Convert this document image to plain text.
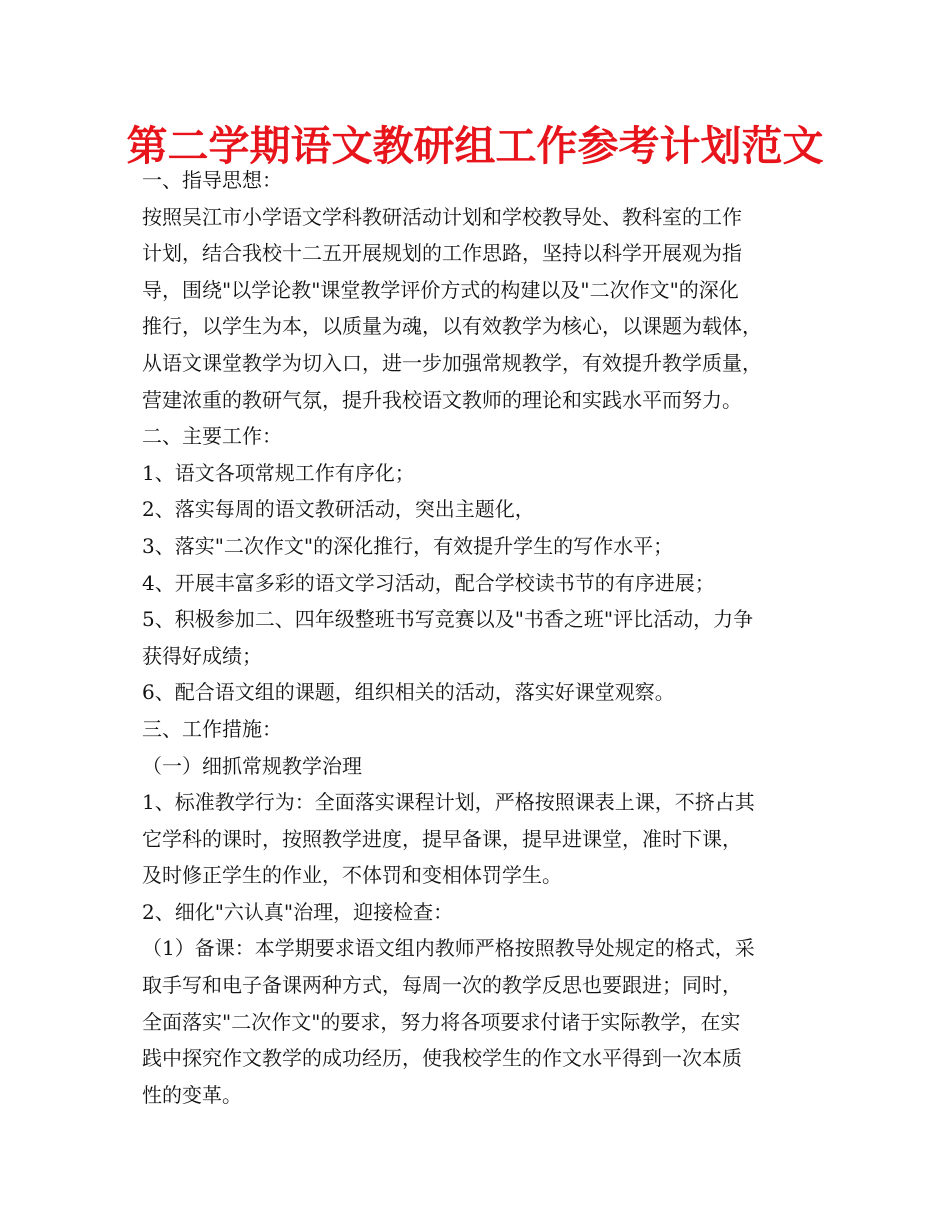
第二学期语文教研组工作参考计划范文
一、指导思想：
按照吴江市小学语文学科教研活动计划和学校教导处、教科室的工作
计划，结合我校十二五开展规划的工作思路，坚持以科学开展观为指
导，围绕"以学论教"课堂教学评价方式的构建以及"二次作文"的深化
推行，以学生为本，以质量为魂，以有效教学为核心，以课题为载体，
从语文课堂教学为切入口，进一步加强常规教学，有效提升教学质量，
营建浓重的教研气氛，提升我校语文教师的理论和实践水平而努力。
二、主要工作：
1、语文各项常规工作有序化；
2、落实每周的语文教研活动，突出主题化，
3、落实"二次作文"的深化推行，有效提升学生的写作水平；
4、开展丰富多彩的语文学习活动，配合学校读书节的有序进展；
5、积极参加二、四年级整班书写竞赛以及"书香之班"评比活动，力争
获得好成绩；
6、配合语文组的课题，组织相关的活动，落实好课堂观察。
三、工作措施：
（一）细抓常规教学治理
1、标准教学行为：全面落实课程计划，严格按照课表上课，不挤占其
它学科的课时，按照教学进度，提早备课，提早进课堂，准时下课，
及时修正学生的作业，不体罚和变相体罚学生。
2、细化"六认真"治理，迎接检查：
（1）备课：本学期要求语文组内教师严格按照教导处规定的格式，采
取手写和电子备课两种方式，每周一次的教学反思也要跟进；同时，
全面落实"二次作文"的要求，努力将各项要求付诸于实际教学，在实
践中探究作文教学的成功经历，使我校学生的作文水平得到一次本质
性的变革。
